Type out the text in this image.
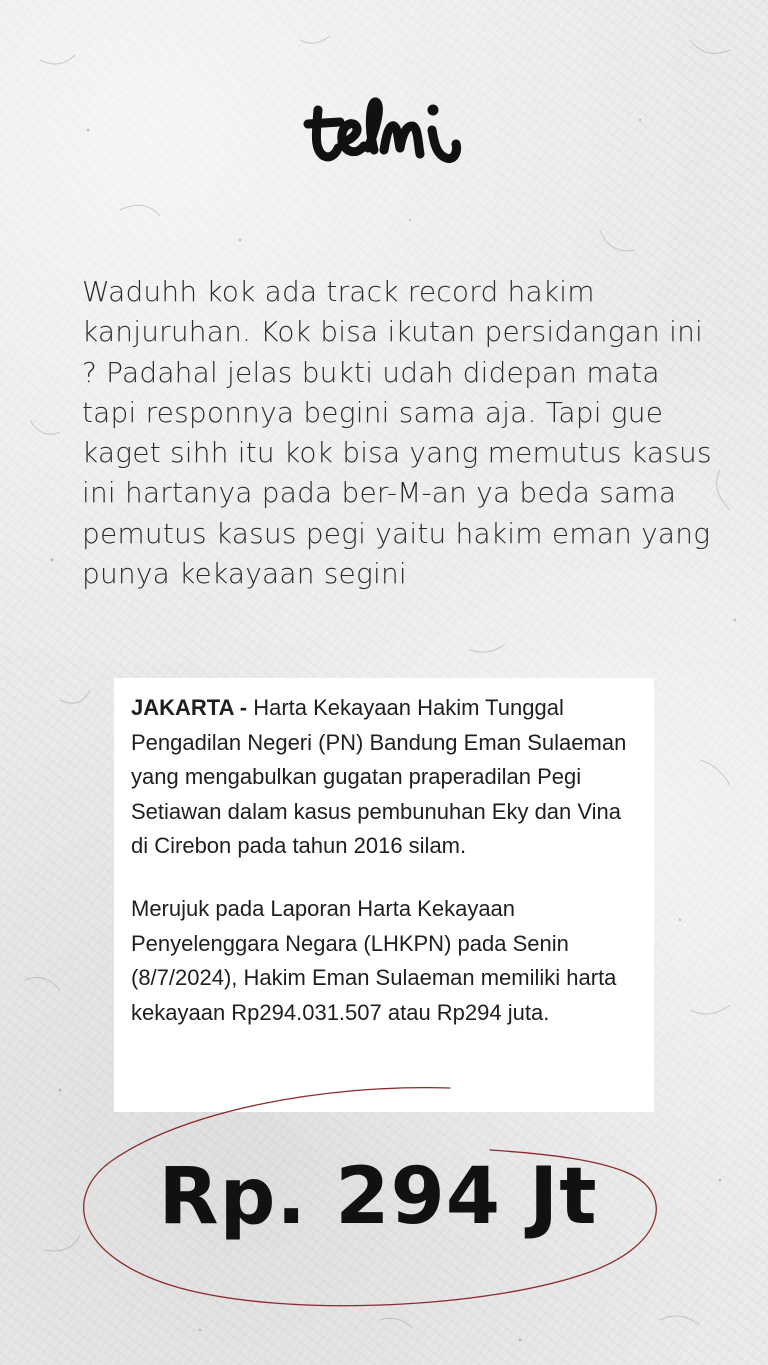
Waduhh kok ada track record hakim kanjuruhan. Kok bisa ikutan persidangan ini ? Padahal jelas bukti udah didepan mata tapi responnya begini sama aja. Tapi gue kaget sihh itu kok bisa yang memutus kasus ini hartanya pada ber-M-an ya beda sama pemutus kasus pegi yaitu hakim eman yang punya kekayaan segini

JAKARTA - Harta Kekayaan Hakim Tunggal Pengadilan Negeri (PN) Bandung Eman Sulaeman yang mengabulkan gugatan praperadilan Pegi Setiawan dalam kasus pembunuhan Eky dan Vina di Cirebon pada tahun 2016 silam.

Merujuk pada Laporan Harta Kekayaan Penyelenggara Negara (LHKPN) pada Senin (8/7/2024), Hakim Eman Sulaeman memiliki harta kekayaan Rp294.031.507 atau Rp294 juta.

Rp. 294 Jt
